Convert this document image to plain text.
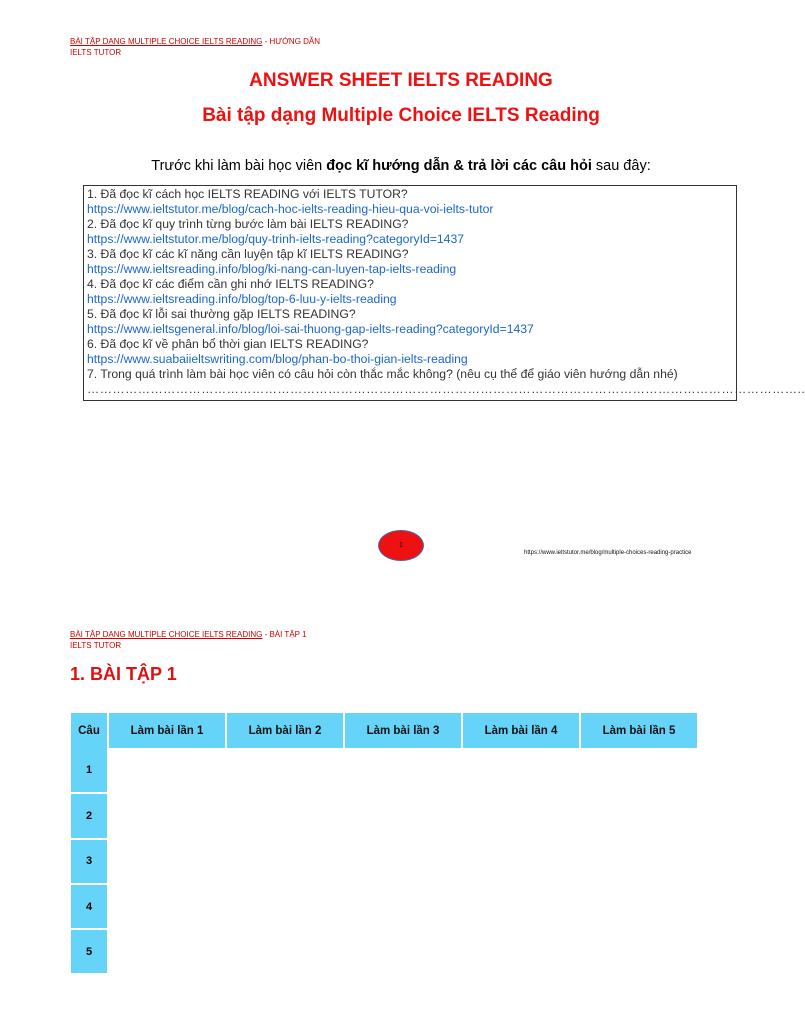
BÀI TẬP DẠNG MULTIPLE CHOICE IELTS READING - HƯỚNG DẪN
IELTS TUTOR
ANSWER SHEET IELTS READING
Bài tập dạng Multiple Choice IELTS Reading
Trước khi làm bài học viên đọc kĩ hướng dẫn & trả lời các câu hỏi sau đây:
1. Đã đọc kĩ cách học IELTS READING với IELTS TUTOR?
https://www.ieltstutor.me/blog/cach-hoc-ielts-reading-hieu-qua-voi-ielts-tutor
2. Đã đọc kĩ quy trình từng bước làm bài IELTS READING?
https://www.ieltstutor.me/blog/quy-trinh-ielts-reading?categoryId=1437
3. Đã đọc kĩ các kĩ năng cần luyện tập kĩ IELTS READING?
https://www.ieltsreading.info/blog/ki-nang-can-luyen-tap-ielts-reading
4. Đã đọc kĩ các điểm cần ghi nhớ IELTS READING?
https://www.ieltsreading.info/blog/top-6-luu-y-ielts-reading
5. Đã đọc kĩ lỗi sai thường gặp IELTS READING?
https://www.ieltsgeneral.info/blog/loi-sai-thuong-gap-ielts-reading?categoryId=1437
6. Đã đọc kĩ về phân bổ thời gian IELTS READING?
https://www.suabaiieltswriting.com/blog/phan-bo-thoi-gian-ielts-reading
7. Trong quá trình làm bài học viên có câu hỏi còn thắc mắc không? (nêu cụ thể để giáo viên hướng dẫn nhé)
……………………………………………………………………………………………………………………………………………………..
1
https://www.ieltstutor.me/blog/multiple-choices-reading-practice
BÀI TẬP DẠNG MULTIPLE CHOICE IELTS READING - BÀI TẬP 1
IELTS TUTOR
1. BÀI TẬP 1
Câu	Làm bài lần 1	Làm bài lần 2	Làm bài lần 3	Làm bài lần 4	Làm bài lần 5
1					
2					
3					
4					
5					
